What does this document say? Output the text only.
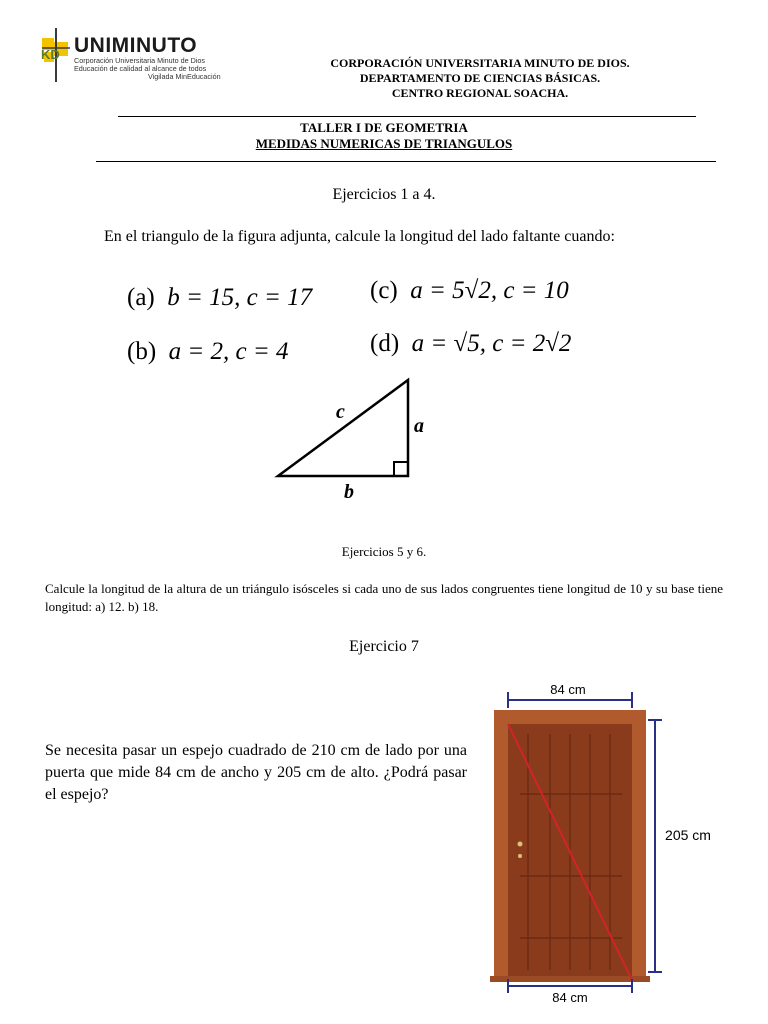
KD UNIMINUTO
Corporación Universitaria Minuto de Dios
Educación de calidad al alcance de todos
Vigilada MinEducación
CORPORACIÓN UNIVERSITARIA MINUTO DE DIOS.
DEPARTAMENTO DE CIENCIAS BÁSICAS.
CENTRO REGIONAL SOACHA.
TALLER I DE GEOMETRIA
MEDIDAS NUMERICAS DE TRIANGULOS
Ejercicios 1 a 4.
En el triangulo de la figura adjunta, calcule la longitud del lado faltante cuando:
(a) b = 15, c = 17
(b) a = 2, c = 4
(c) a = 5√2, c = 10
(d) a = √5, c = 2√2
c
a
b
Ejercicios 5 y 6.
Calcule la longitud de la altura de un triángulo isósceles si cada uno de sus lados congruentes tiene longitud de 10 y su base tiene longitud: a) 12. b) 18.
Ejercicio 7
Se necesita pasar un espejo cuadrado de 210 cm de lado por una puerta que mide 84 cm de ancho y 205 cm de alto. ¿Podrá pasar el espejo?
84 cm
205 cm
84 cm
